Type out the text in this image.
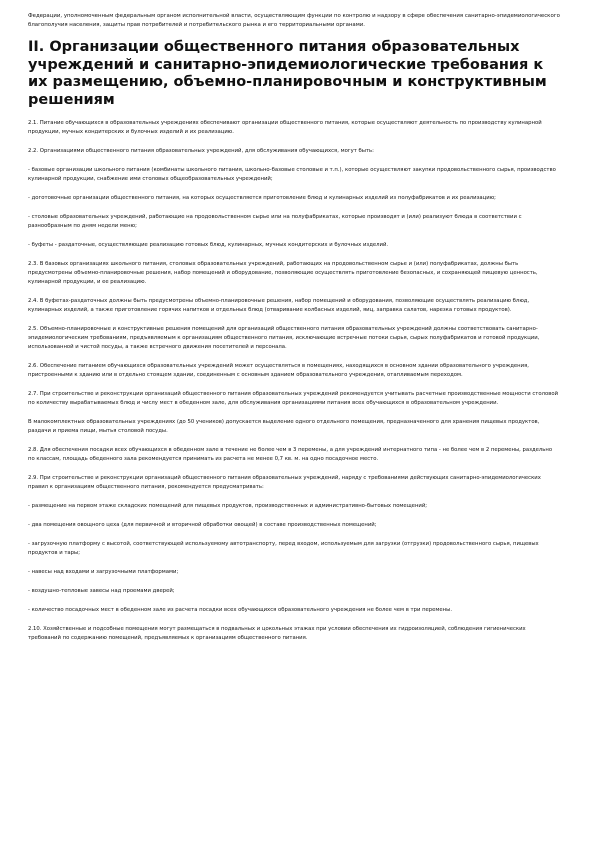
Федерации, уполномоченным федеральным органом исполнительной власти, осуществляющим функции по контролю и надзору в сфере обеспечения санитарно-эпидемиологического благополучия населения, защиты прав потребителей и потребительского рынка и его территориальными органами.
II. Организации общественного питания образовательных учреждений и санитарно-эпидемиологические требования к их размещению, объемно-планировочным и конструктивным решениям
2.1. Питание обучающихся в образовательных учреждениях обеспечивают организации общественного питания, которые осуществляют деятельность по производству кулинарной продукции, мучных кондитерских и булочных изделий и их реализацию.
2.2. Организациями общественного питания образовательных учреждений, для обслуживания обучающихся, могут быть:
- базовые организации школьного питания (комбинаты школьного питания, школьно-базовые столовые и т.п.), которые осуществляют закупки продовольственного сырья, производство кулинарной продукции, снабжение ими столовых общеобразовательных учреждений;
- доготовочные организации общественного питания, на которых осуществляется приготовление блюд и кулинарных изделий из полуфабрикатов и их реализацию;
- столовые образовательных учреждений, работающие на продовольственном сырье или на полуфабрикатах, которые производят и (или) реализуют блюда в соответствии с разнообразным по дням недели меню;
- буфеты - раздаточные, осуществляющие реализацию готовых блюд, кулинарных, мучных кондитерских и булочных изделий.
2.3. В базовых организациях школьного питания, столовых образовательных учреждений, работающих на продовольственном сырье и (или) полуфабрикатах, должны быть предусмотрены объемно-планировочные решения, набор помещений и оборудование, позволяющие осуществлять приготовление безопасных, и сохраняющей пищевую ценность, кулинарной продукции, и ее реализацию.
2.4. В буфетах-раздаточных должны быть предусмотрены объемно-планировочные решения, набор помещений и оборудования, позволяющие осуществлять реализацию блюд, кулинарных изделий, а также приготовление горячих напитков и отдельных блюд (отваривание колбасных изделий, яиц, заправка салатов, нарезка готовых продуктов).
2.5. Объемно-планировочные и конструктивные решения помещений для организаций общественного питания образовательных учреждений должны соответствовать санитарно-эпидемиологическим требованиям, предъявляемым к организациям общественного питания, исключающие встречные потоки сырья, сырых полуфабрикатов и готовой продукции, использованной и чистой посуды, а также встречного движения посетителей и персонала.
2.6. Обеспечение питанием обучающихся образовательных учреждений может осуществляться в помещениях, находящихся в основном здании образовательного учреждения, пристроенными к зданию или в отдельно стоящем здании, соединенным с основным зданием образовательного учреждения, отапливаемым переходом.
2.7. При строительстве и реконструкции организаций общественного питания образовательных учреждений рекомендуется учитывать расчетные производственные мощности столовой по количеству вырабатываемых блюд и числу мест в обеденном зале, для обслуживания организациями питания всех обучающихся в образовательном учреждении.
В малокомплектных образовательных учреждениях (до 50 учеников) допускается выделение одного отдельного помещения, предназначенного для хранения пищевых продуктов, раздачи и приема пищи, мытья столовой посуды.
2.8. Для обеспечения посадки всех обучающихся в обеденном зале в течение не более чем в 3 перемены, а для учреждений интернатного типа - не более чем в 2 перемены, раздельно по классам, площадь обеденного зала рекомендуется принимать из расчета не менее 0,7 кв. м. на одно посадочное место.
2.9. При строительстве и реконструкции организаций общественного питания образовательных учреждений, наряду с требованиями действующих санитарно-эпидемиологических правил к организациям общественного питания, рекомендуется предусматривать:
- размещение на первом этаже складских помещений для пищевых продуктов, производственных и административно-бытовых помещений;
- два помещения овощного цеха (для первичной и вторичной обработки овощей) в составе производственных помещений;
- загрузочную платформу с высотой, соответствующей используемому автотранспорту, перед входом, используемым для загрузки (отгрузки) продовольственного сырья, пищевых продуктов и тары;
- навесы над входами и загрузочными платформами;
- воздушно-тепловые завесы над проемами дверей;
- количество посадочных мест в обеденном зале из расчета посадки всех обучающихся образовательного учреждения не более чем в три перемены.
2.10. Хозяйственные и подсобные помещения могут размещаться в подвальных и цокольных этажах при условии обеспечения их гидроизоляцией, соблюдения гигиенических требований по содержанию помещений, предъявляемых к организациям общественного питания.
